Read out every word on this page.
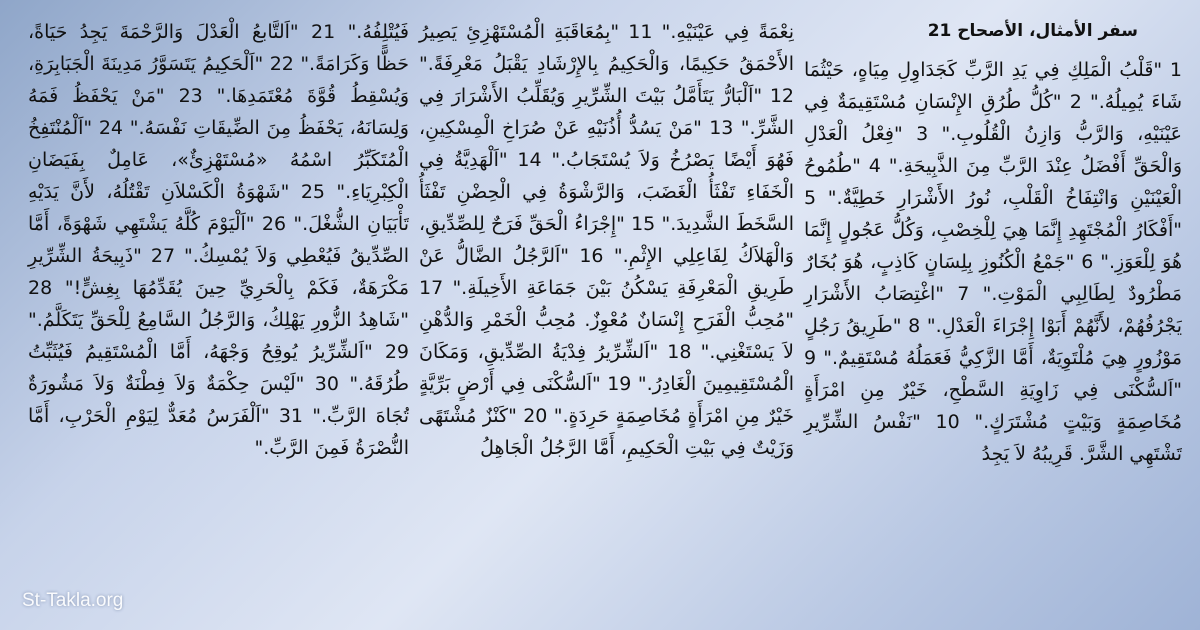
سفر الأمثال، الأصحاح 21
1 "قَلْبُ الْمَلِكِ فِي يَدِ الرَّبِّ كَجَدَاوِلِ مِيَاهٍ، حَيْثُمَا شَاءَ يُمِيلُهُ." 2 "كُلُّ طُرُقِ الإِنْسَانِ مُسْتَقِيمَةٌ فِي عَيْنَيْهِ، وَالرَّبُّ وَازِنُ الْقُلُوبِ." 3 "فِعْلُ الْعَدْلِ وَالْحَقِّ أَفْضَلُ عِنْدَ الرَّبِّ مِنَ الذَّبِيحَةِ." 4 "طُمُوحُ الْعَيْنَيْنِ وَانْتِفَاخُ الْقَلْبِ، نُورُ الأَشْرَارِ خَطِيَّةٌ." 5 "أَفْكَارُ الْمُجْتَهِدِ إِنَّمَا هِيَ لِلْخِصْبِ، وَكُلُّ عَجُولٍ إِنَّمَا هُوَ لِلْعَوَزِ." 6 "جَمْعُ الْكُنُوزِ بِلِسَانٍ كَاذِبٍ، هُوَ بُخَارٌ مَطْرُودٌ لِطَالِبِي الْمَوْتِ." 7 "اغْتِصَابُ الأَشْرَارِ يَجْرُفُهُمْ، لأَنَّهُمْ أَبَوْا إِجْرَاءَ الْعَدْلِ." 8 "طَرِيقُ رَجُلٍ مَوْزُورٍ هِيَ مُلْتَوِيَةٌ، أَمَّا الزَّكِيُّ فَعَمَلُهُ مُسْتَقِيمٌ." 9 "اَلسُّكْنَى فِي زَاوِيَةِ السَّطْحِ، خَيْرٌ مِنِ امْرَأَةٍ مُخَاصِمَةٍ وَبَيْتٍ مُشْتَرَكٍ." 10 "نَفْسُ الشِّرِّيرِ تَشْتَهِي الشَّرَّ. قَرِيبُهُ لاَ يَجِدُ
نِعْمَةً فِي عَيْنَيْهِ." 11 "بِمُعَاقَبَةِ الْمُسْتَهْزِئِ يَصِيرُ الأَحْمَقُ حَكِيمًا، وَالْحَكِيمُ بِالإِرْشَادِ يَقْبَلُ مَعْرِفَةً." 12 "اَلْبَارُّ يَتَأَمَّلُ بَيْتَ الشِّرِّيرِ وَيُقَلِّبُ الأَشْرَارَ فِي الشَّرِّ." 13 "مَنْ يَسُدُّ أُذُنَيْهِ عَنْ صُرَاخِ الْمِسْكِينِ، فَهُوَ أَيْضًا يَصْرُخُ وَلاَ يُسْتَجَابُ." 14 "اَلْهَدِيَّةُ فِي الْخَفَاءِ تَفْثَأُ الْغَضَبَ، وَالرَّشْوَةُ فِي الْحِضْنِ تَفْثَأُ السَّخَطَ الشَّدِيدَ." 15 "إِجْرَاءُ الْحَقِّ فَرَحٌ لِلصِّدِّيقِ، وَالْهَلاَكُ لِفَاعِلِي الإِثْمِ." 16 "اَلرَّجُلُ الضَّالُّ عَنْ طَرِيقِ الْمَعْرِفَةِ يَسْكُنُ بَيْنَ جَمَاعَةِ الأَخِيلَةِ." 17 "مُحِبُّ الْفَرَحِ إِنْسَانٌ مُعْوِزٌ. مُحِبُّ الْخَمْرِ وَالدُّهْنِ لاَ يَسْتَغْنِي." 18 "اَلشِّرِّيرُ فِدْيَةُ الصِّدِّيقِ، وَمَكَانَ الْمُسْتَقِيمِينَ الْغَادِرُ." 19 "اَلسُّكْنَى فِي أَرْضٍ بَرِّيَّةٍ خَيْرٌ مِنِ امْرَأَةٍ مُخَاصِمَةٍ حَرِدَةٍ." 20 "كَنْزٌ مُشْتَهًى وَزَيْتٌ فِي بَيْتِ الْحَكِيمِ، أَمَّا الرَّجُلُ الْجَاهِلُ
فَيُتْلِفُهُ." 21 "اَلتَّابعُ الْعَدْلَ وَالرَّحْمَةَ يَجِدُ حَيَاةً، حَظًّا وَكَرَامَةً." 22 "اَلْحَكِيمُ يَتَسَوَّرُ مَدِينَةَ الْجَبَابِرَةِ، وَيُسْقِطُ قُوَّةَ مُعْتَمَدِهَا." 23 "مَنْ يَحْفَظُ فَمَهُ وَلِسَانَهُ، يَحْفَظُ مِنَ الضِّيقَاتِ نَفْسَهُ." 24 "اَلْمُنْتَفِخُ الْمُتَكَبِّرُ اسْمُهُ «مُسْتَهْزِئٌ»، عَامِلٌ بِفَيَضَانِ الْكِبْرِيَاءِ." 25 "شَهْوَةُ الْكَسْلاَنِ تَقْتُلُهُ، لأَنَّ يَدَيْهِ تَأْبَيَانِ الشُّغْلَ." 26 "اَلْيَوْمَ كُلَّهُ يَشْتَهِي شَهْوَةً، أَمَّا الصِّدِّيقُ فَيُعْطِي وَلاَ يُمْسِكُ." 27 "ذَبِيحَةُ الشِّرِّيرِ مَكْرَهَةٌ، فَكَمْ بِالْحَرِيِّ حِينَ يُقَدِّمُهَا بِغِشٍّ!" 28 "شَاهِدُ الزُّورِ يَهْلِكُ، وَالرَّجُلُ السَّامِعُ لِلْحَقِّ يَتَكَلَّمُ." 29 "اَلشِّرِّيرُ يُوقِحُ وَجْهَهُ، أَمَّا الْمُسْتَقِيمُ فَيُثَبِّتُ طُرُقَهُ." 30 "لَيْسَ حِكْمَةٌ وَلاَ فِطْنَةٌ وَلاَ مَشُورَةٌ تُجَاهَ الرَّبِّ." 31 "اَلْفَرَسُ مُعَدٌّ لِيَوْمِ الْحَرْبِ، أَمَّا النُّصْرَةُ فَمِنَ الرَّبِّ."
St-Takla.org
